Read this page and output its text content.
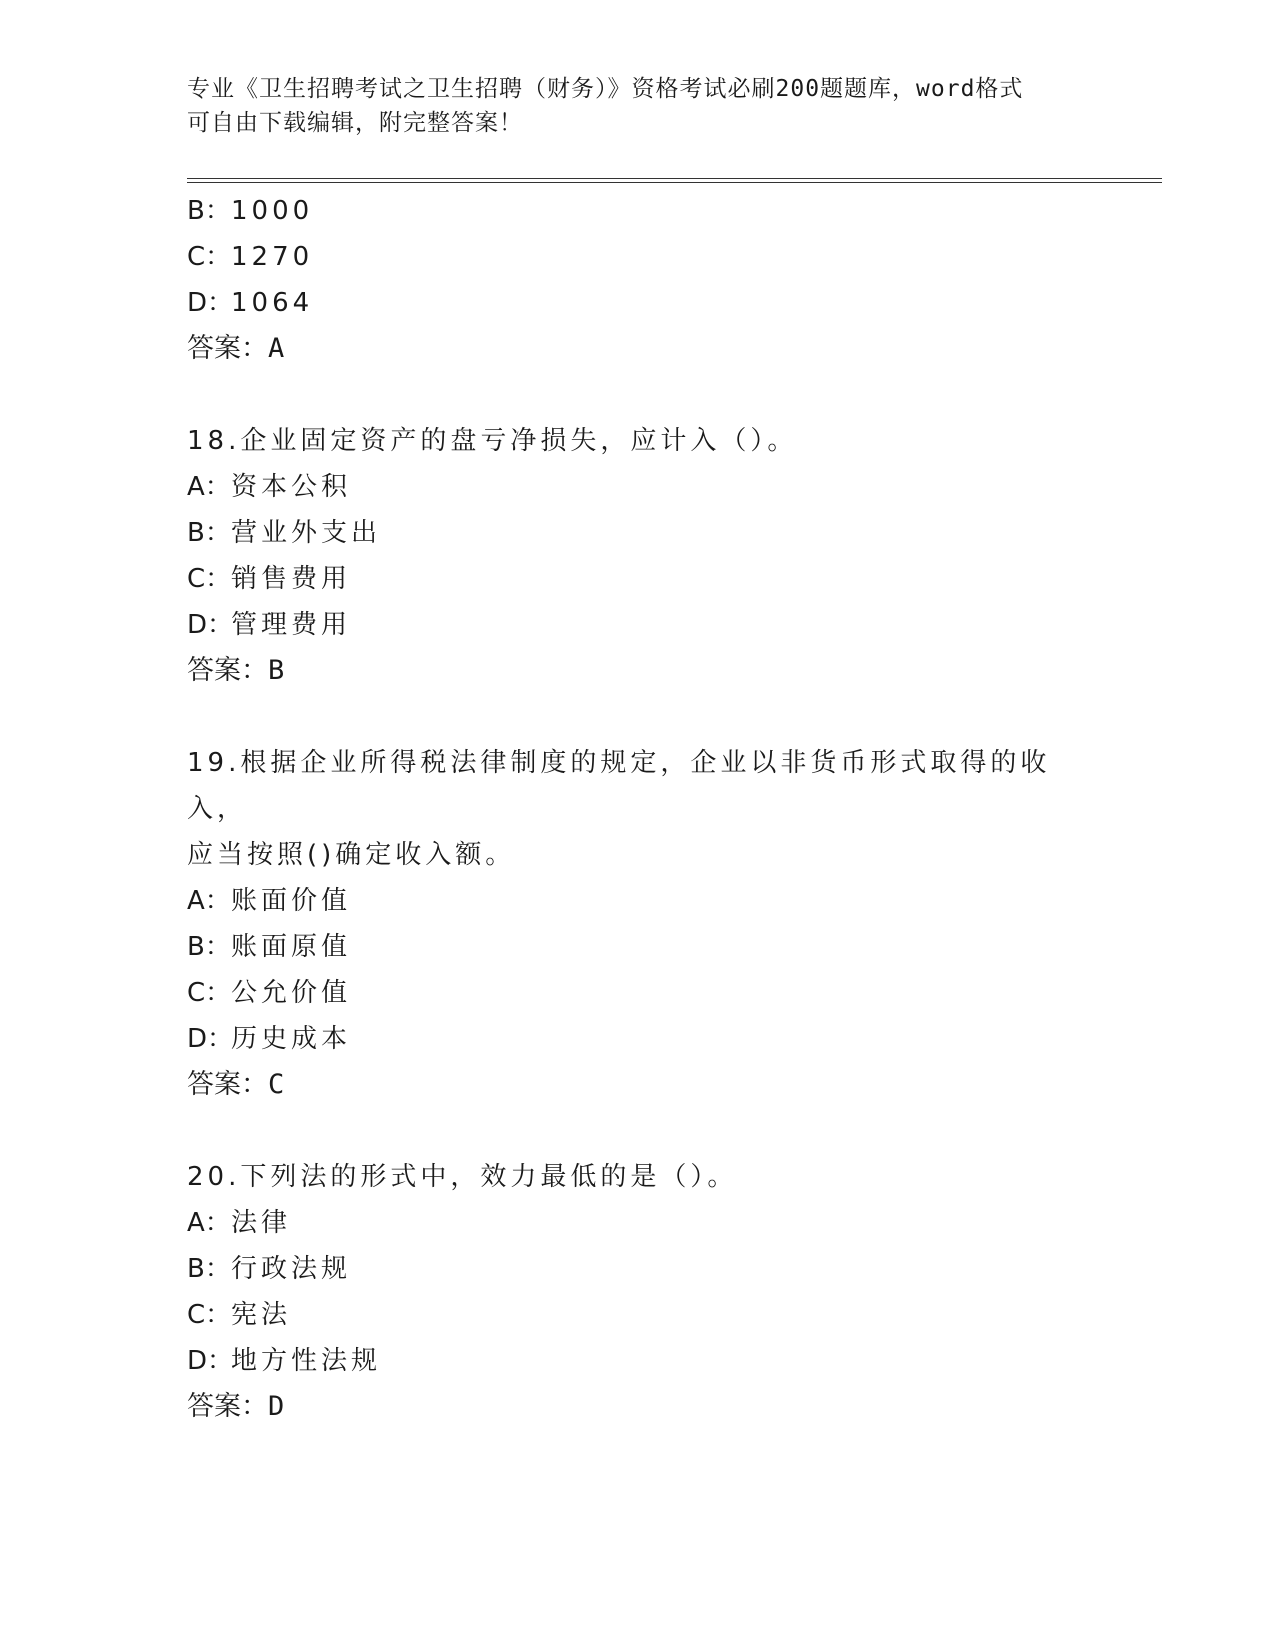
专业《卫生招聘考试之卫生招聘（财务）》资格考试必刷200题题库，word格式
可自由下载编辑，附完整答案！
B： 1000
C： 1270
D：
1064
答案：A
18.企业固定资产的盘亏净损失，应计入（）。
A： 资本公积
B： 营业外支出
C： 销售费用
D：
管理费用
答案：B
19.根据企业所得税法律制度的规定，企业以非货币形式取得的收入，
应当按照()确定收入额。
A： 账面价值
B： 账面原值
C： 公允价值
D：
历史成本
答案：C
20.下列法的形式中，效力最低的是（）。
A： 法律
B： 行政法规
C： 宪法
D：
地方性法规
答案：D
